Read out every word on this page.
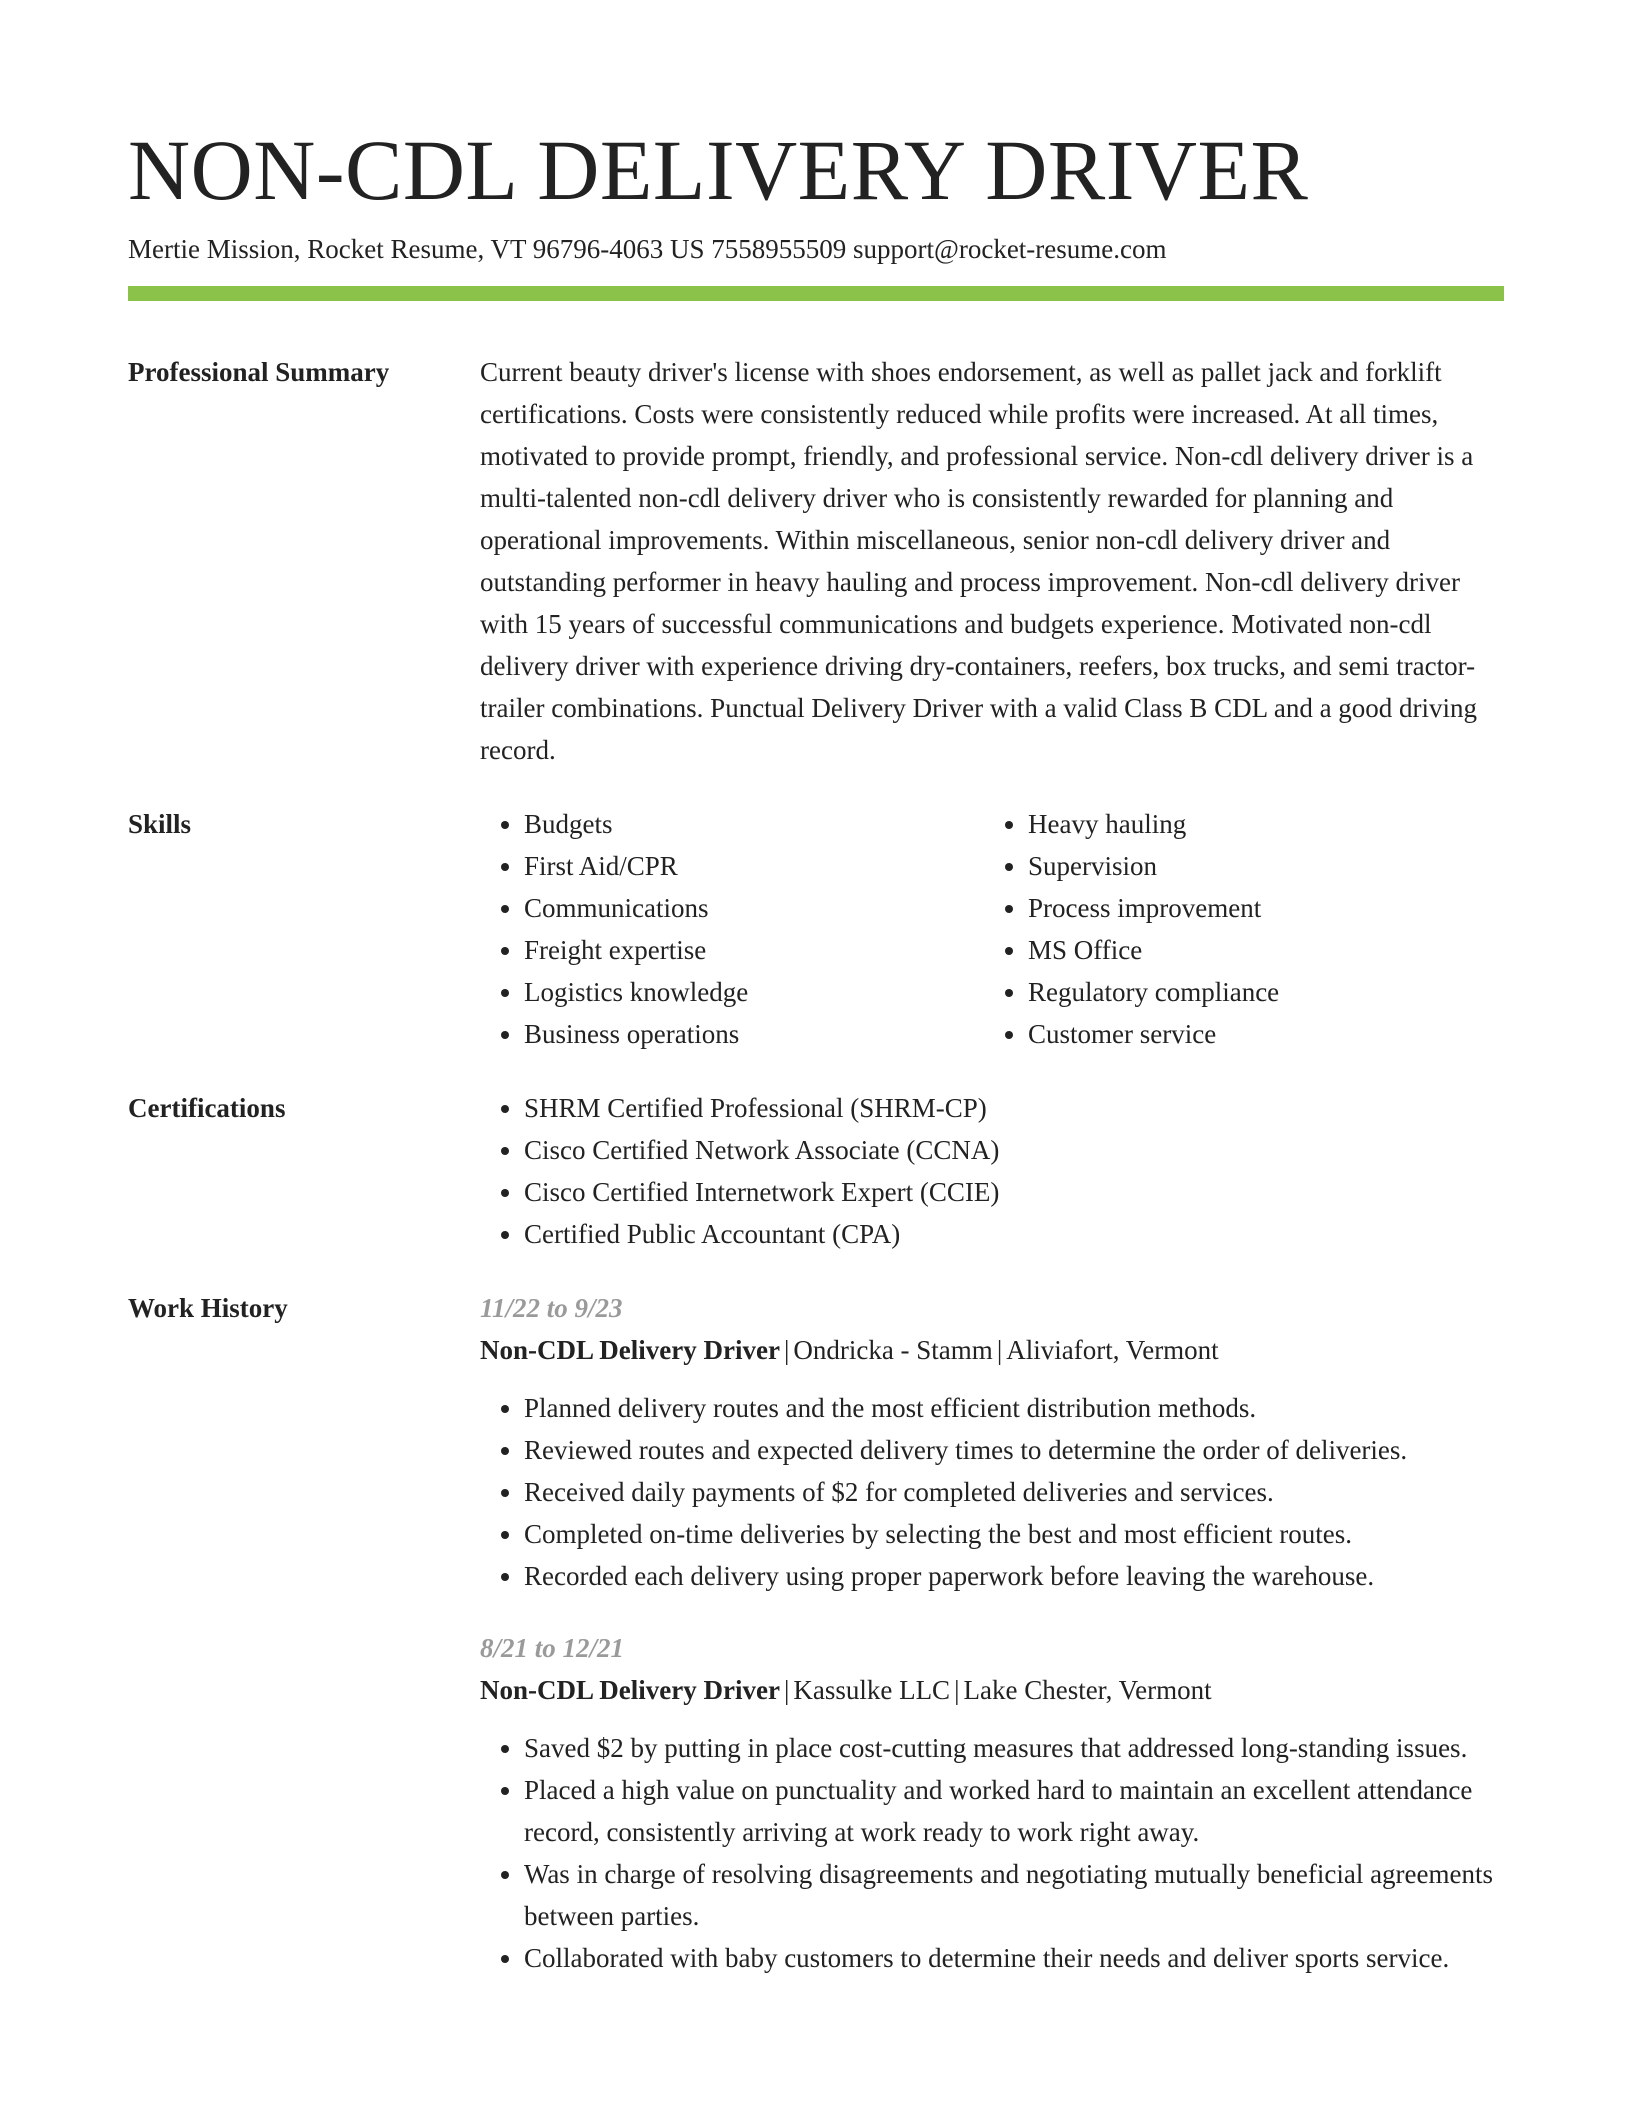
NON-CDL DELIVERY DRIVER
Mertie Mission, Rocket Resume, VT 96796-4063 US 7558955509 support@rocket-resume.com
Professional Summary	Current beauty driver's license with shoes endorsement, as well as pallet jack and forklift certifications. Costs were consistently reduced while profits were increased. At all times, motivated to provide prompt, friendly, and professional service. Non-cdl delivery driver is a multi-talented non-cdl delivery driver who is consistently rewarded for planning and operational improvements. Within miscellaneous, senior non-cdl delivery driver and outstanding performer in heavy hauling and process improvement. Non-cdl delivery driver with 15 years of successful communications and budgets experience. Motivated non-cdl delivery driver with experience driving dry-containers, reefers, box trucks, and semi tractor-trailer combinations. Punctual Delivery Driver with a valid Class B CDL and a good driving record.

Skills	• Budgets
• First Aid/CPR
• Communications
• Freight expertise
• Logistics knowledge
• Business operations
• Heavy hauling
• Supervision
• Process improvement
• MS Office
• Regulatory compliance
• Customer service
Certifications	• SHRM Certified Professional (SHRM-CP)
• Cisco Certified Network Associate (CCNA)
• Cisco Certified Internetwork Expert (CCIE)
• Certified Public Accountant (CPA)
Work History	11/22 to 9/23
Non-CDL Delivery Driver | Ondricka - Stamm | Aliviafort, Vermont
• Planned delivery routes and the most efficient distribution methods.
• Reviewed routes and expected delivery times to determine the order of deliveries.
• Received daily payments of $2 for completed deliveries and services.
• Completed on-time deliveries by selecting the best and most efficient routes.
• Recorded each delivery using proper paperwork before leaving the warehouse.
8/21 to 12/21
Non-CDL Delivery Driver | Kassulke LLC | Lake Chester, Vermont
• Saved $2 by putting in place cost-cutting measures that addressed long-standing issues.
• Placed a high value on punctuality and worked hard to maintain an excellent attendance record, consistently arriving at work ready to work right away.
• Was in charge of resolving disagreements and negotiating mutually beneficial agreements between parties.
• Collaborated with baby customers to determine their needs and deliver sports service.
